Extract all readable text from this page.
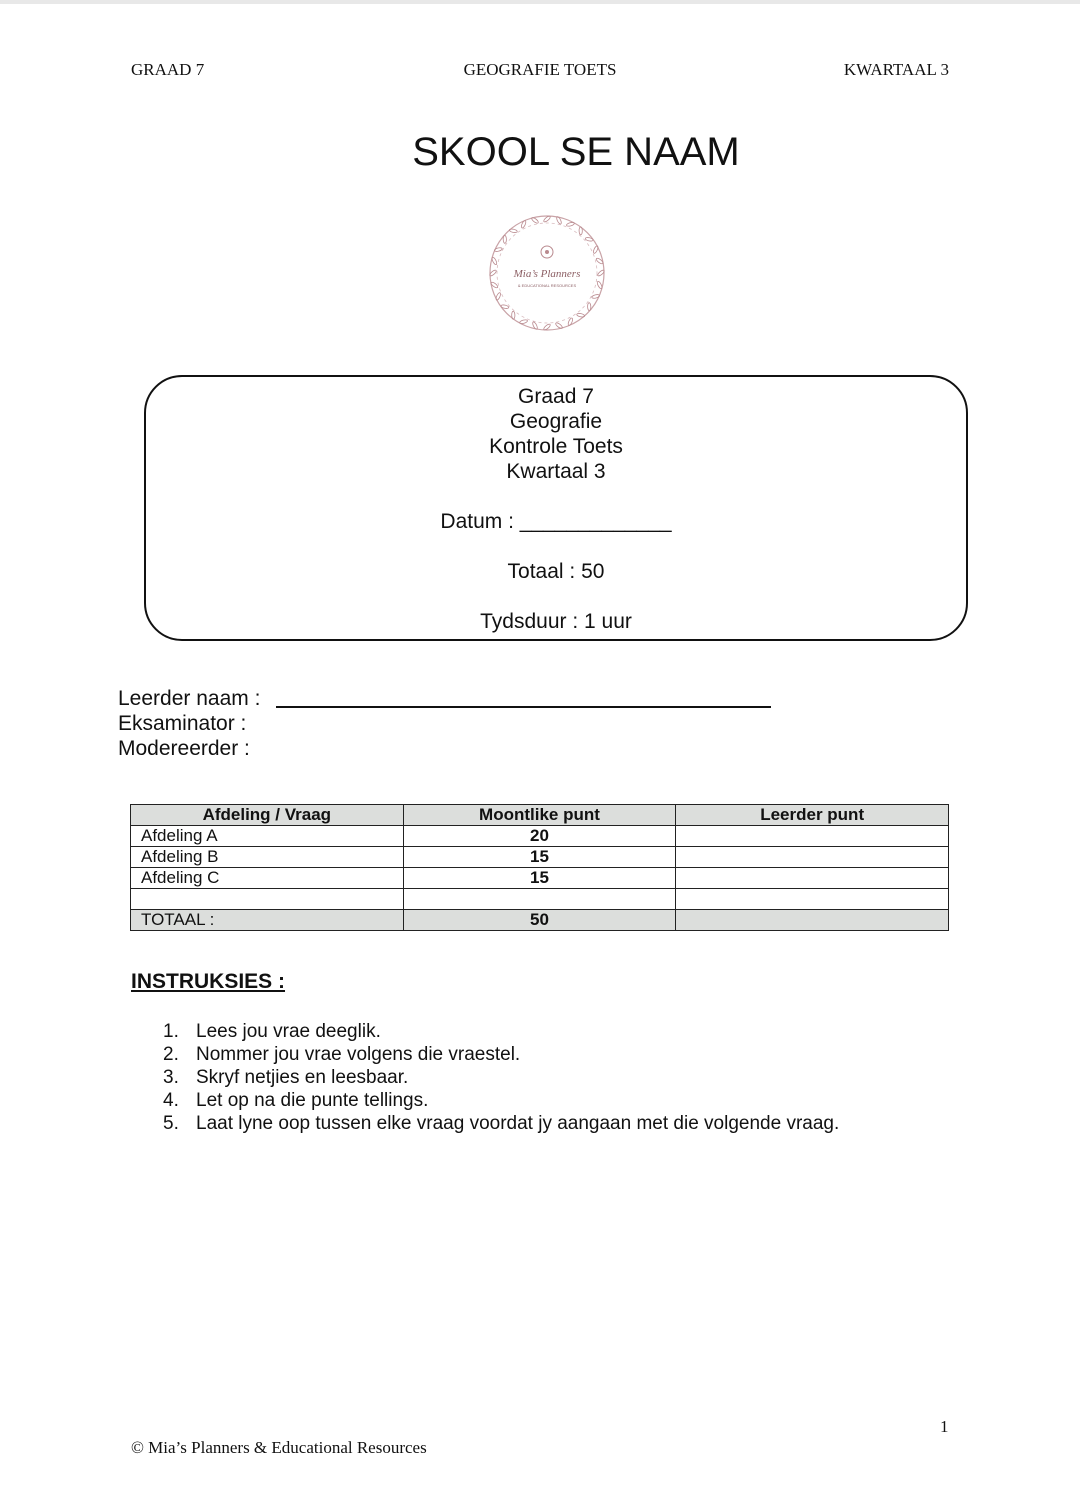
GRAAD 7	GEOGRAFIE TOETS	KWARTAAL 3
SKOOL SE NAAM
Mia’s Planners
& EDUCATIONAL RESOURCES
Graad 7
Geografie
Kontrole Toets
Kwartaal 3
Datum : _____________
Totaal : 50
Tydsduur : 1 uur
Leerder naam :
Eksaminator :
Modereerder :
Afdeling / Vraag	Moontlike punt	Leerder punt
Afdeling A	20	
Afdeling B	15	
Afdeling C	15	

TOTAAL :	50	
INSTRUKSIES :
1. Lees jou vrae deeglik.
2. Nommer jou vrae volgens die vraestel.
3. Skryf netjies en leesbaar.
4. Let op na die punte tellings.
5. Laat lyne oop tussen elke vraag voordat jy aangaan met die volgende vraag.
1
© Mia’s Planners & Educational Resources
